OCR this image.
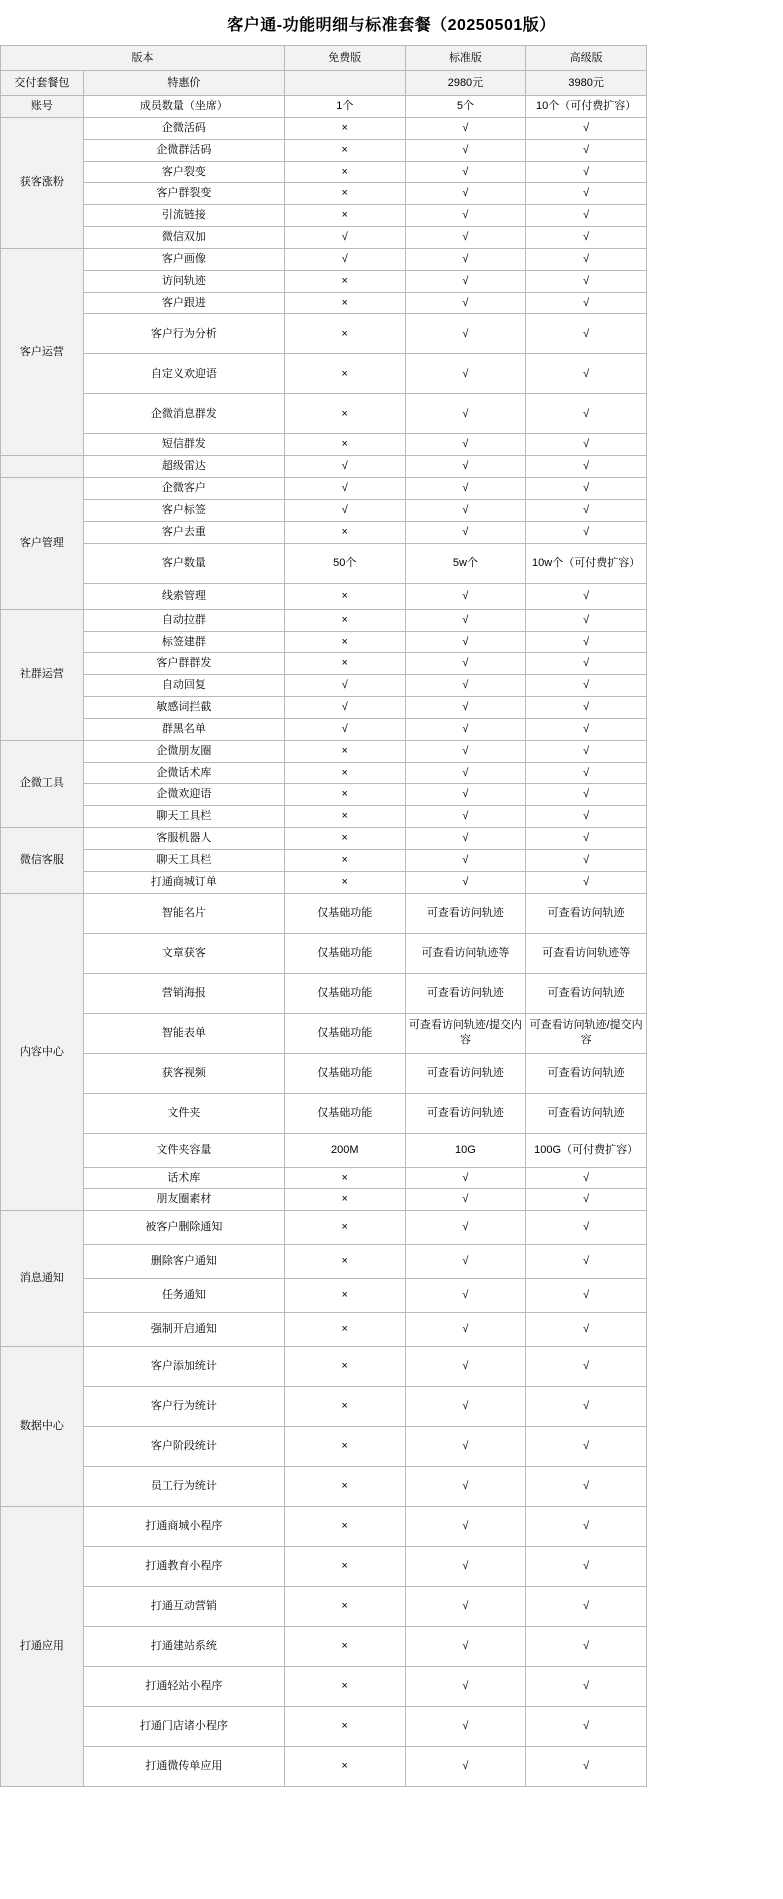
客户通-功能明细与标准套餐（20250501版）
版本		免费版	标准版	高级版
交付套餐包	特惠价		2980元	3980元
账号	成员数量（坐席）	1个	5个	10个（可付费扩容）
获客涨粉	企微活码	×	√	√
	企微群活码	×	√	√
	客户裂变	×	√	√
	客户群裂变	×	√	√
	引流链接	×	√	√
	微信双加	√	√	√
客户运营	客户画像	√	√	√
	访问轨迹	×	√	√
	客户跟进	×	√	√
	客户行为分析	×	√	√
	自定义欢迎语	×	√	√
	企微消息群发	×	√	√
	短信群发	×	√	√
	超级雷达	√	√	√
客户管理	企微客户	√	√	√
	客户标签	√	√	√
	客户去重	×	√	√
	客户数量	50个	5w个	10w个（可付费扩容）
	线索管理	×	√	√
社群运营	自动拉群	×	√	√
	标签建群	×	√	√
	客户群群发	×	√	√
	自动回复	√	√	√
	敏感词拦截	√	√	√
	群黑名单	√	√	√
企微工具	企微朋友圈	×	√	√
	企微话术库	×	√	√
	企微欢迎语	×	√	√
	聊天工具栏	×	√	√
微信客服	客服机器人	×	√	√
	聊天工具栏	×	√	√
	打通商城订单	×	√	√
内容中心	智能名片	仅基础功能	可查看访问轨迹	可查看访问轨迹
	文章获客	仅基础功能	可查看访问轨迹等	可查看访问轨迹等
	营销海报	仅基础功能	可查看访问轨迹	可查看访问轨迹
	智能表单	仅基础功能	可查看访问轨迹/提交内容	可查看访问轨迹/提交内容
	获客视频	仅基础功能	可查看访问轨迹	可查看访问轨迹
	文件夹	仅基础功能	可查看访问轨迹	可查看访问轨迹
	文件夹容量	200M	10G	100G（可付费扩容）
	话术库	×	√	√
	朋友圈素材	×	√	√
消息通知	被客户删除通知	×	√	√
	删除客户通知	×	√	√
	任务通知	×	√	√
	强制开启通知	×	√	√
数据中心	客户添加统计	×	√	√
	客户行为统计	×	√	√
	客户阶段统计	×	√	√
	员工行为统计	×	√	√
打通应用	打通商城小程序	×	√	√
	打通教育小程序	×	√	√
	打通互动营销	×	√	√
	打通建站系统	×	√	√
	打通轻站小程序	×	√	√
	打通门店诸小程序	×	√	√
	打通微传单应用	×	√	√
